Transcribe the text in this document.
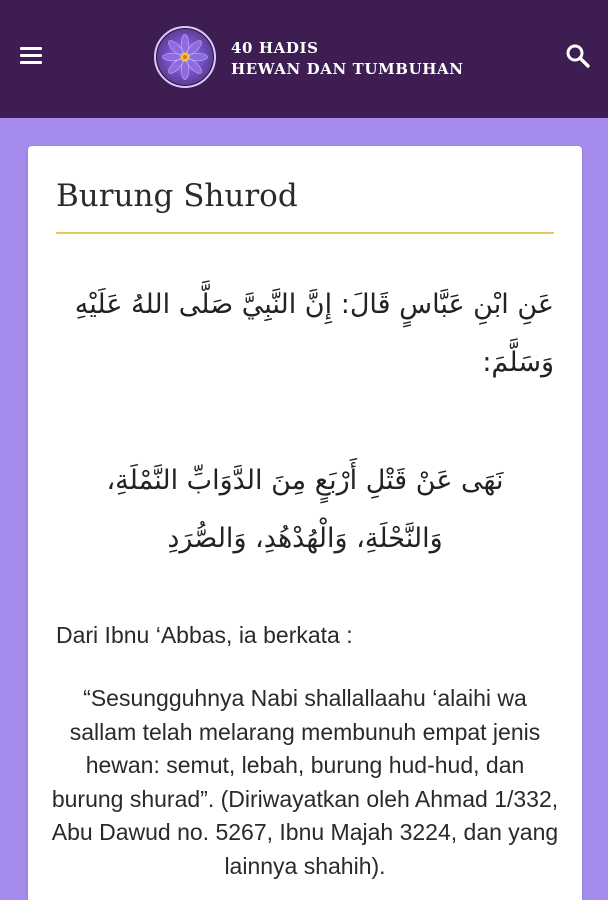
40 HADIS
HEWAN DAN TUMBUHAN
Burung Shurod
عَنِ ابْنِ عَبَّاسٍ قَالَ: إِنَّ النَّبِيَّ صَلَّى اللهُ عَلَيْهِ وَسَلَّمَ:
نَهَى عَنْ قَتْلِ أَرْبَعٍ مِنَ الدَّوَابِّ النَّمْلَةِ،
وَالنَّحْلَةِ، وَالْهُدْهُدِ، وَالصُّرَدِ
Dari Ibnu ‘Abbas, ia berkata :
“Sesungguhnya Nabi shallallaahu ‘alaihi wa sallam telah melarang membunuh empat jenis hewan: semut, lebah, burung hud-hud, dan burung shurad”. (Diriwayatkan oleh Ahmad 1/332, Abu Dawud no. 5267, Ibnu Majah 3224, dan yang lainnya shahih).
